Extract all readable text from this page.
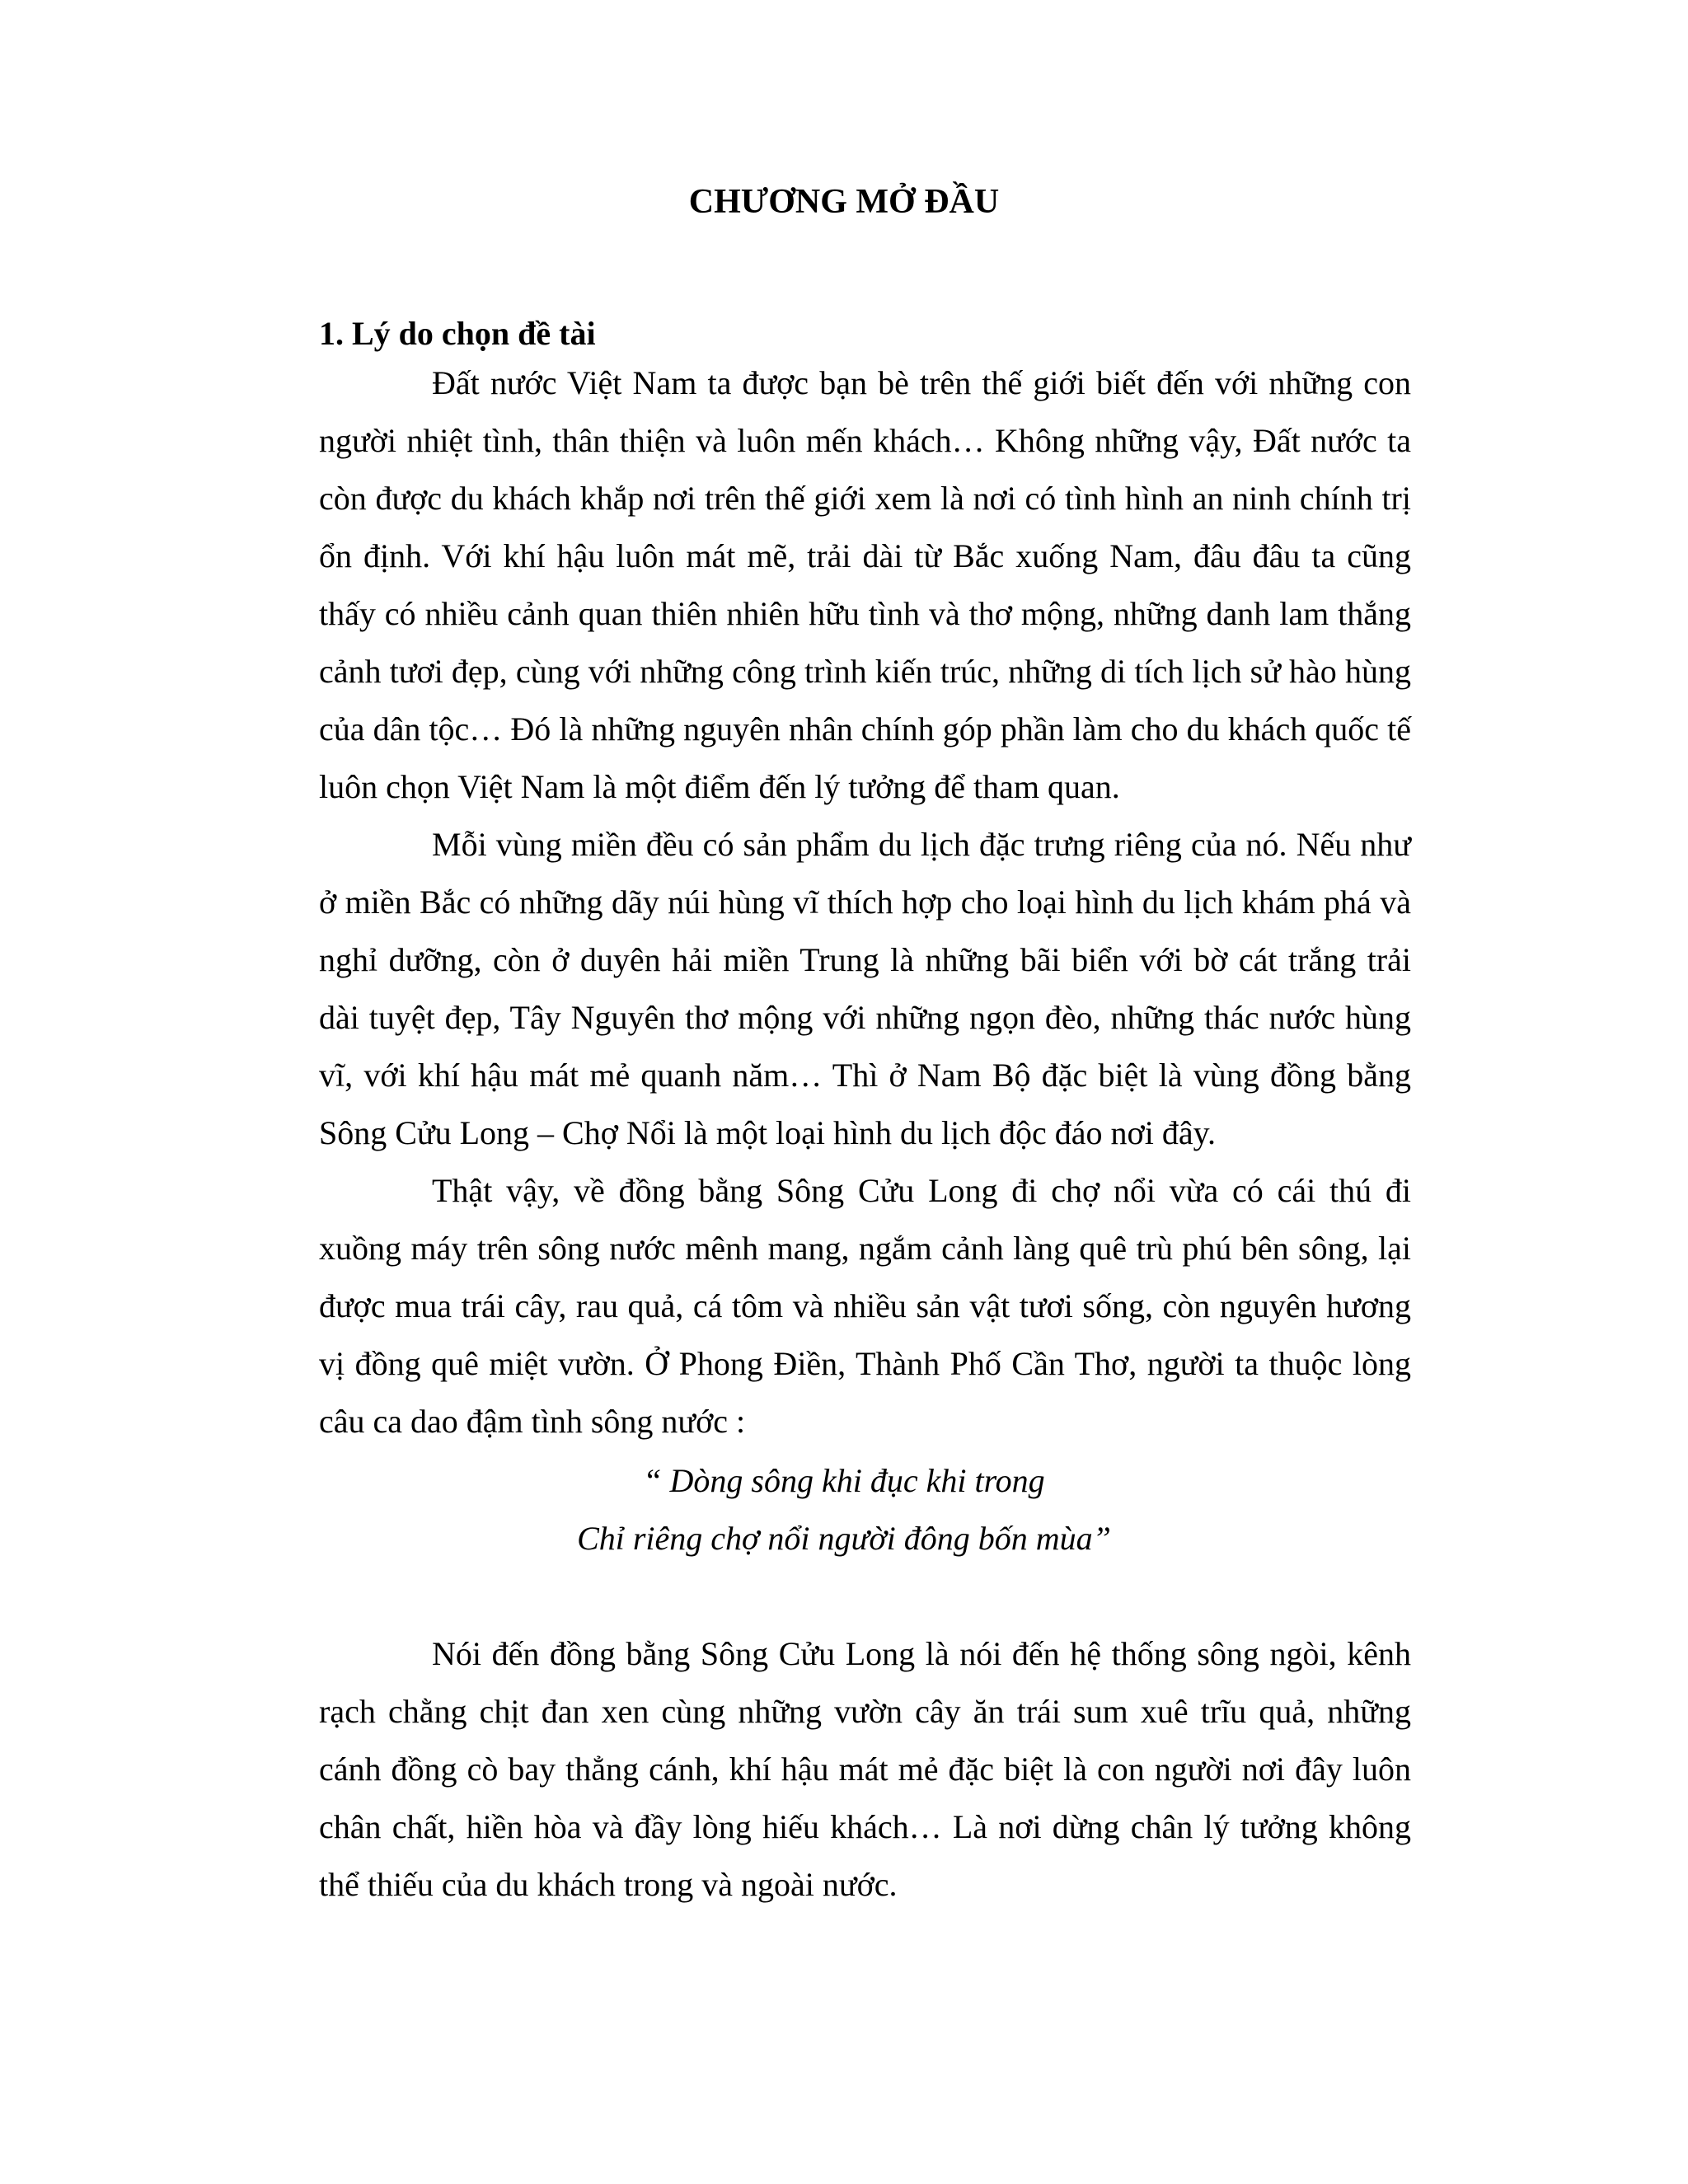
CHƯƠNG MỞ ĐẦU
1. Lý do chọn đề tài

Đất nước Việt Nam ta được bạn bè trên thế giới biết đến với những con người nhiệt tình, thân thiện và luôn mến khách… Không những vậy, Đất nước ta còn được du khách khắp nơi trên thế giới xem là nơi có tình hình an ninh chính trị ổn định. Với khí hậu luôn mát mẽ, trải dài từ Bắc xuống Nam, đâu đâu ta cũng thấy có nhiều cảnh quan thiên nhiên hữu tình và thơ mộng, những danh lam thắng cảnh tươi đẹp, cùng với những công trình kiến trúc, những di tích lịch sử hào hùng của dân tộc… Đó là những nguyên nhân chính góp phần làm cho du khách quốc tế luôn chọn Việt Nam là một điểm đến lý tưởng để tham quan.

Mỗi vùng miền đều có sản phẩm du lịch đặc trưng riêng của nó. Nếu như ở miền Bắc có những dãy núi hùng vĩ thích hợp cho loại hình du lịch khám phá và nghỉ dưỡng, còn ở duyên hải miền Trung là những bãi biển với bờ cát trắng trải dài tuyệt đẹp, Tây Nguyên thơ mộng với những ngọn đèo, những thác nước hùng vĩ, với khí hậu mát mẻ quanh năm… Thì ở Nam Bộ đặc biệt là vùng đồng bằng Sông Cửu Long – Chợ Nổi là một loại hình du lịch độc đáo nơi đây.

Thật vậy, về đồng bằng Sông Cửu Long đi chợ nổi vừa có cái thú đi xuồng máy trên sông nước mênh mang, ngắm cảnh làng quê trù phú bên sông, lại được mua trái cây, rau quả, cá tôm và nhiều sản vật tươi sống, còn nguyên hương vị đồng quê miệt vườn. Ở Phong Điền, Thành Phố Cần Thơ, người ta thuộc lòng câu ca dao đậm tình sông nước :

“ Dòng sông khi đục khi trong
Chỉ riêng chợ nổi người đông bốn mùa”

Nói đến đồng bằng Sông Cửu Long là nói đến hệ thống sông ngòi, kênh rạch chằng chịt đan xen cùng những vườn cây ăn trái sum xuê trĩu quả, những cánh đồng cò bay thẳng cánh, khí hậu mát mẻ đặc biệt là con người nơi đây luôn chân chất, hiền hòa và đầy lòng hiếu khách… Là nơi dừng chân lý tưởng không thể thiếu của du khách trong và ngoài nước.
